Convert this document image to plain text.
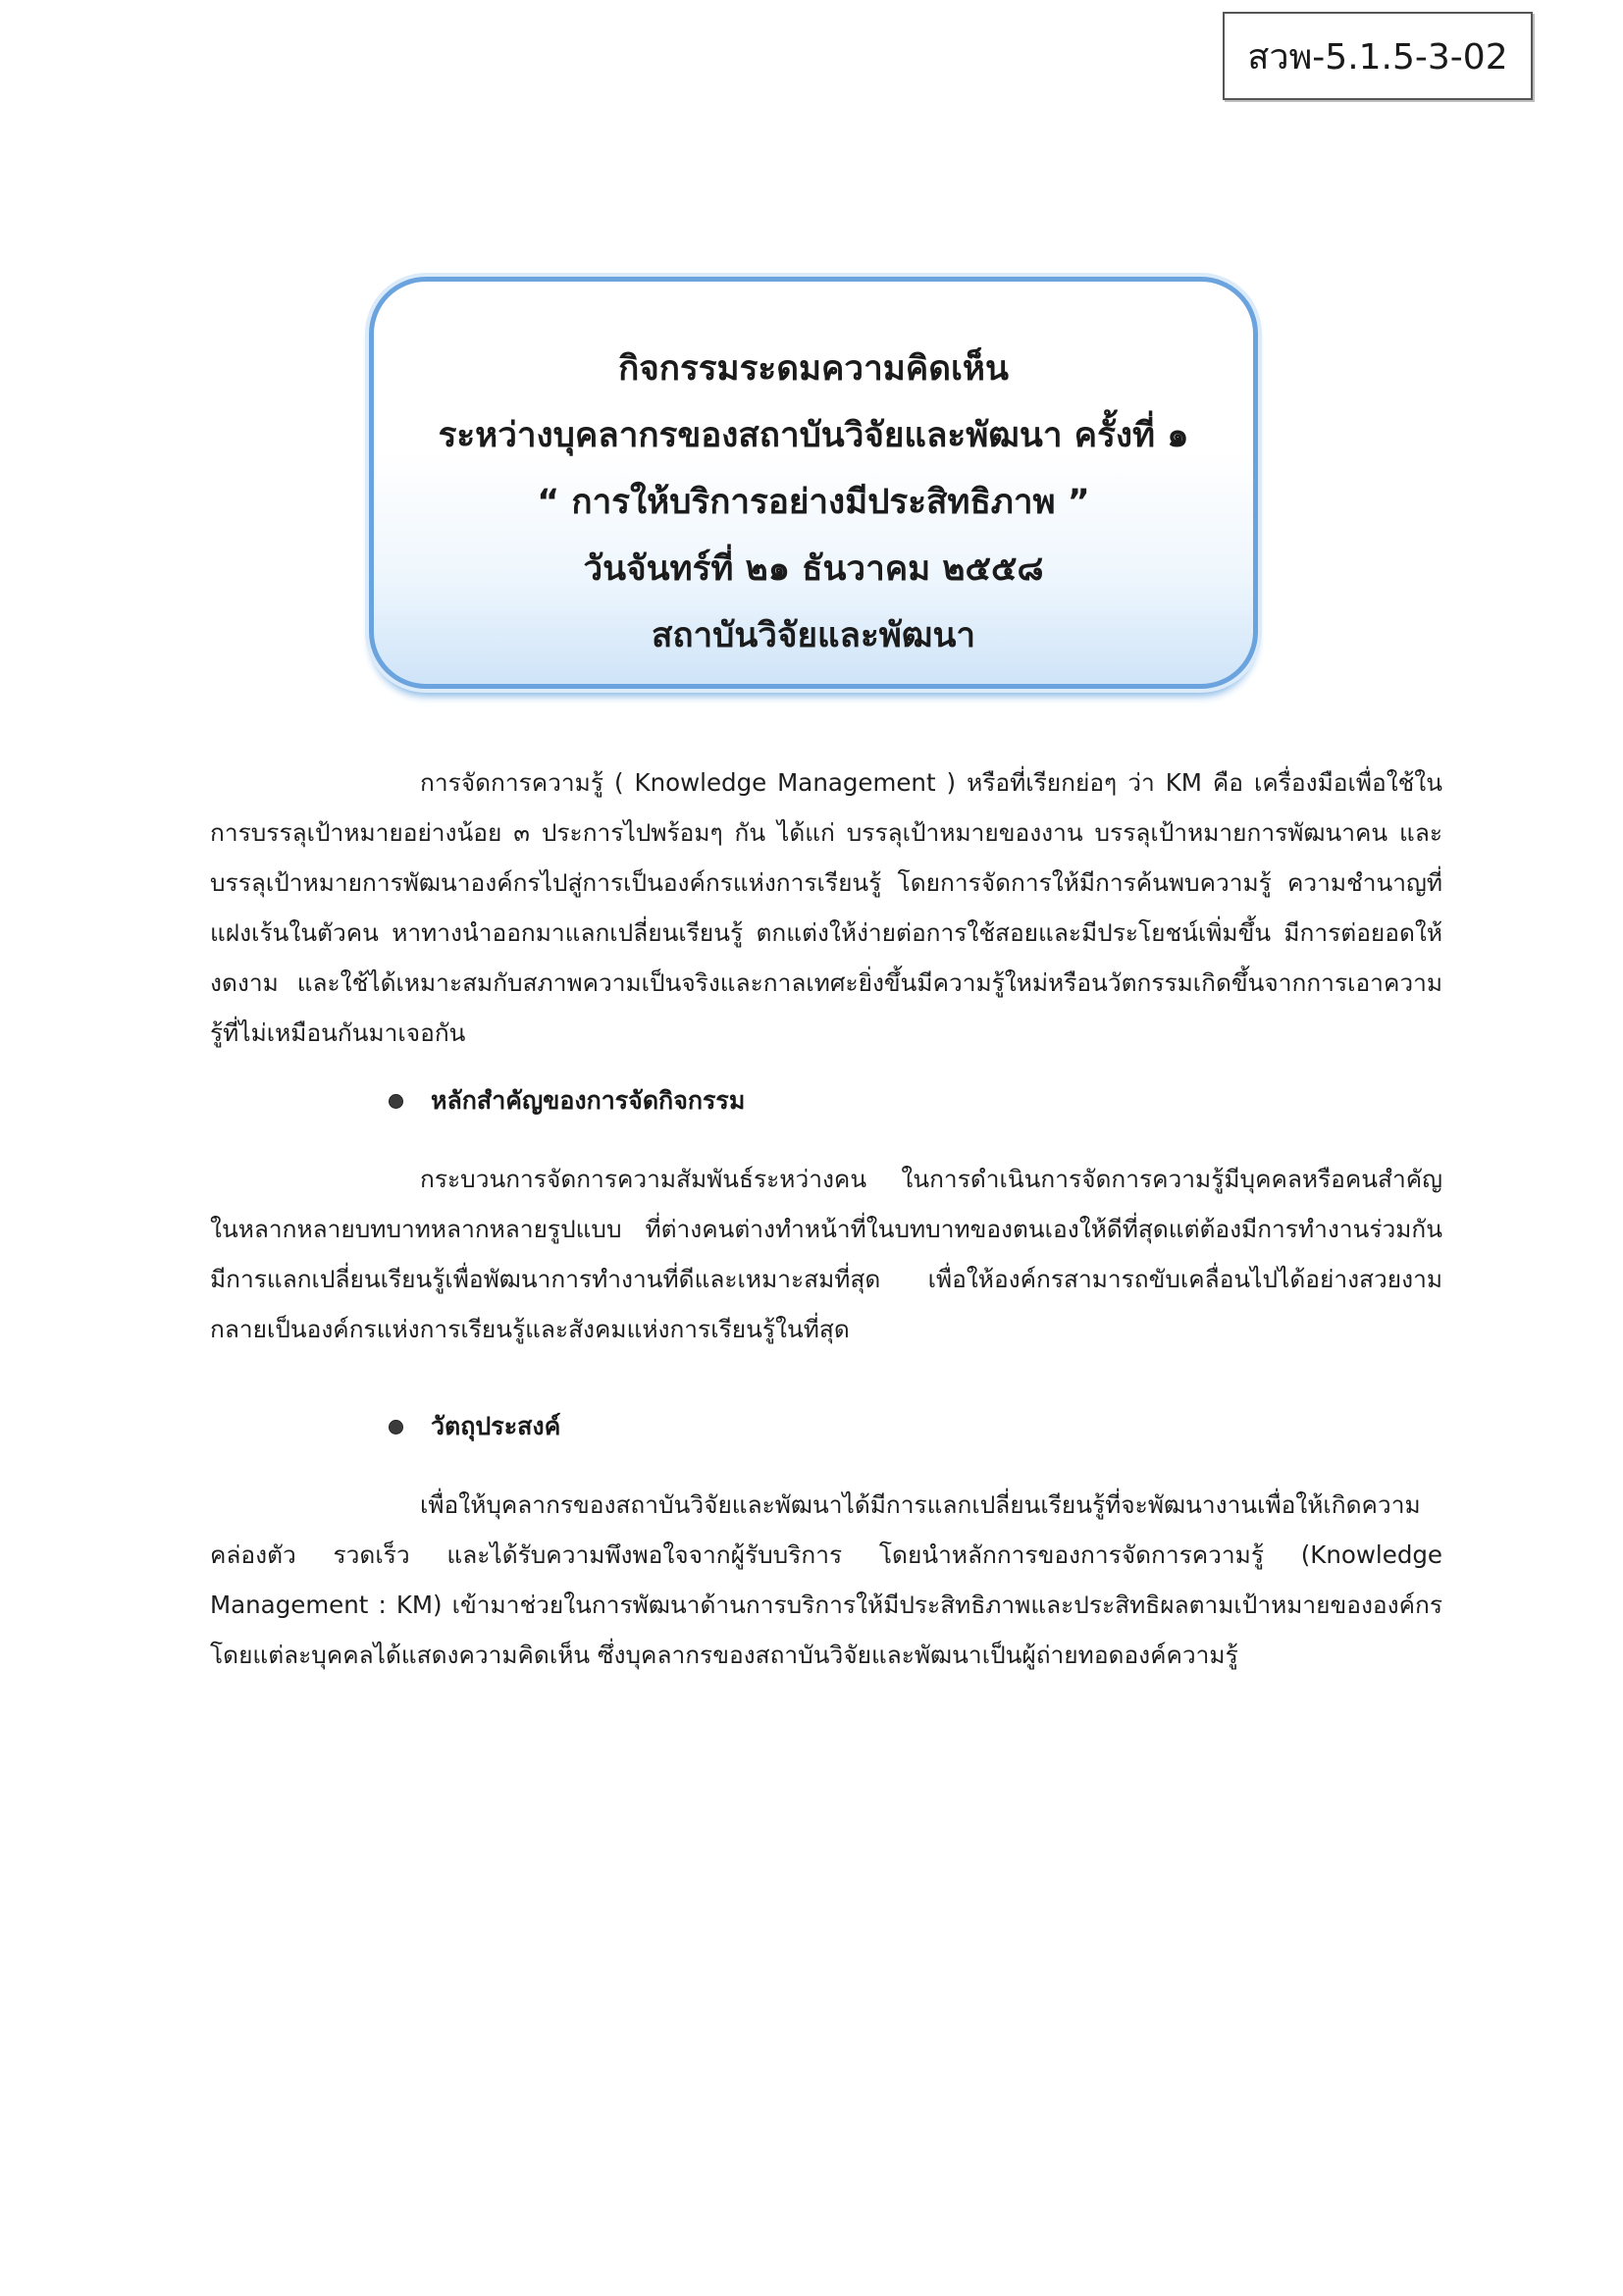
สวพ-5.1.5-3-02
กิจกรรมระดมความคิดเห็น
ระหว่างบุคลากรของสถาบันวิจัยและพัฒนา ครั้งที่ ๑
“ การให้บริการอย่างมีประสิทธิภาพ ”
วันจันทร์ที่ ๒๑ ธันวาคม ๒๕๕๘
สถาบันวิจัยและพัฒนา

การจัดการความรู้ ( Knowledge Management ) หรือที่เรียกย่อๆ ว่า KM คือ เครื่องมือเพื่อใช้ในการบรรลุเป้าหมายอย่างน้อย ๓ ประการไปพร้อมๆ กัน ได้แก่ บรรลุเป้าหมายของงาน บรรลุเป้าหมายการพัฒนาคน และบรรลุเป้าหมายการพัฒนาองค์กรไปสู่การเป็นองค์กรแห่งการเรียนรู้ โดยการจัดการให้มีการค้นพบความรู้ ความชำนาญที่แฝงเร้นในตัวคน หาทางนำออกมาแลกเปลี่ยนเรียนรู้ ตกแต่งให้ง่ายต่อการใช้สอยและมีประโยชน์เพิ่มขึ้น มีการต่อยอดให้งดงาม และใช้ได้เหมาะสมกับสภาพความเป็นจริงและกาลเทศะยิ่งขึ้นมีความรู้ใหม่หรือนวัตกรรมเกิดขึ้นจากการเอาความรู้ที่ไม่เหมือนกันมาเจอกัน

หลักสำคัญของการจัดกิจกรรม

กระบวนการจัดการความสัมพันธ์ระหว่างคน ในการดำเนินการจัดการความรู้มีบุคคลหรือคนสำคัญในหลากหลายบทบาทหลากหลายรูปแบบ ที่ต่างคนต่างทำหน้าที่ในบทบาทของตนเองให้ดีที่สุดแต่ต้องมีการทำงานร่วมกัน มีการแลกเปลี่ยนเรียนรู้เพื่อพัฒนาการทำงานที่ดีและเหมาะสมที่สุด เพื่อให้องค์กรสามารถขับเคลื่อนไปได้อย่างสวยงามกลายเป็นองค์กรแห่งการเรียนรู้และสังคมแห่งการเรียนรู้ในที่สุด

วัตถุประสงค์

เพื่อให้บุคลากรของสถาบันวิจัยและพัฒนาได้มีการแลกเปลี่ยนเรียนรู้ที่จะพัฒนางานเพื่อให้เกิดความคล่องตัว รวดเร็ว และได้รับความพึงพอใจจากผู้รับบริการ โดยนำหลักการของการจัดการความรู้ (Knowledge Management : KM) เข้ามาช่วยในการพัฒนาด้านการบริการให้มีประสิทธิภาพและประสิทธิผลตามเป้าหมายขององค์กรโดยแต่ละบุคคลได้แสดงความคิดเห็น ซึ่งบุคลากรของสถาบันวิจัยและพัฒนาเป็นผู้ถ่ายทอดองค์ความรู้
